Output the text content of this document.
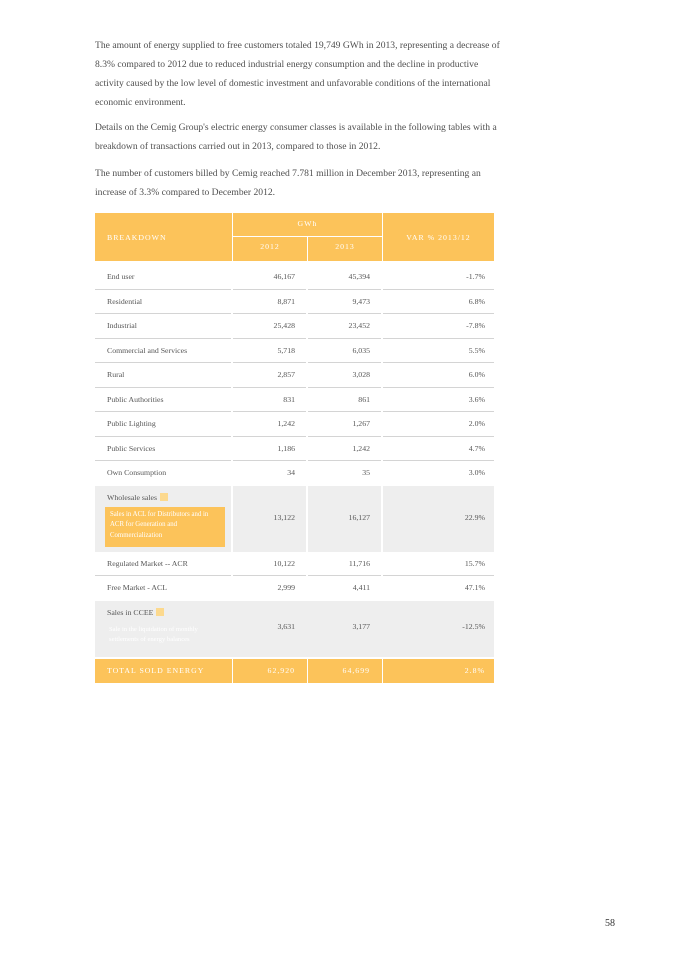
The amount of energy supplied to free customers totaled 19,749 GWh in 2013, representing a decrease of 8.3% compared to 2012 due to reduced industrial energy consumption and the decline in productive activity caused by the low level of domestic investment and unfavorable conditions of the international economic environment.

Details on the Cemig Group's electric energy consumer classes is available in the following tables with a breakdown of transactions carried out in 2013, compared to those in 2012.

The number of customers billed by Cemig reached 7.781 million in December 2013, representing an increase of 3.3% compared to December 2012.

BREAKDOWN
GWh
2012	2013
VAR % 2013/12
End user	46,167	45,394	-1.7%
Residential	8,871	9,473	6.8%
Industrial	25,428	23,452	-7.8%
Commercial and Services	5,718	6,035	5.5%
Rural	2,857	3,028	6.0%
Public Authorities	831	861	3.6%
Public Lighting	1,242	1,267	2.0%
Public Services	1,186	1,242	4.7%
Own Consumption	34	35	3.0%
Wholesale sales
Sales in ACL for Distributors and in ACR for Generation and Commercialization
13,122	16,127	22.9%
Regulated Market -- ACR	10,122	11,716	15.7%
Free Market - ACL	2,999	4,411	47.1%
Sales in CCEE
Sale in the liquidation of monthly settlements of energy balances
3,631	3,177	-12.5%
TOTAL SOLD ENERGY	62,920	64,699	2.8%
58
